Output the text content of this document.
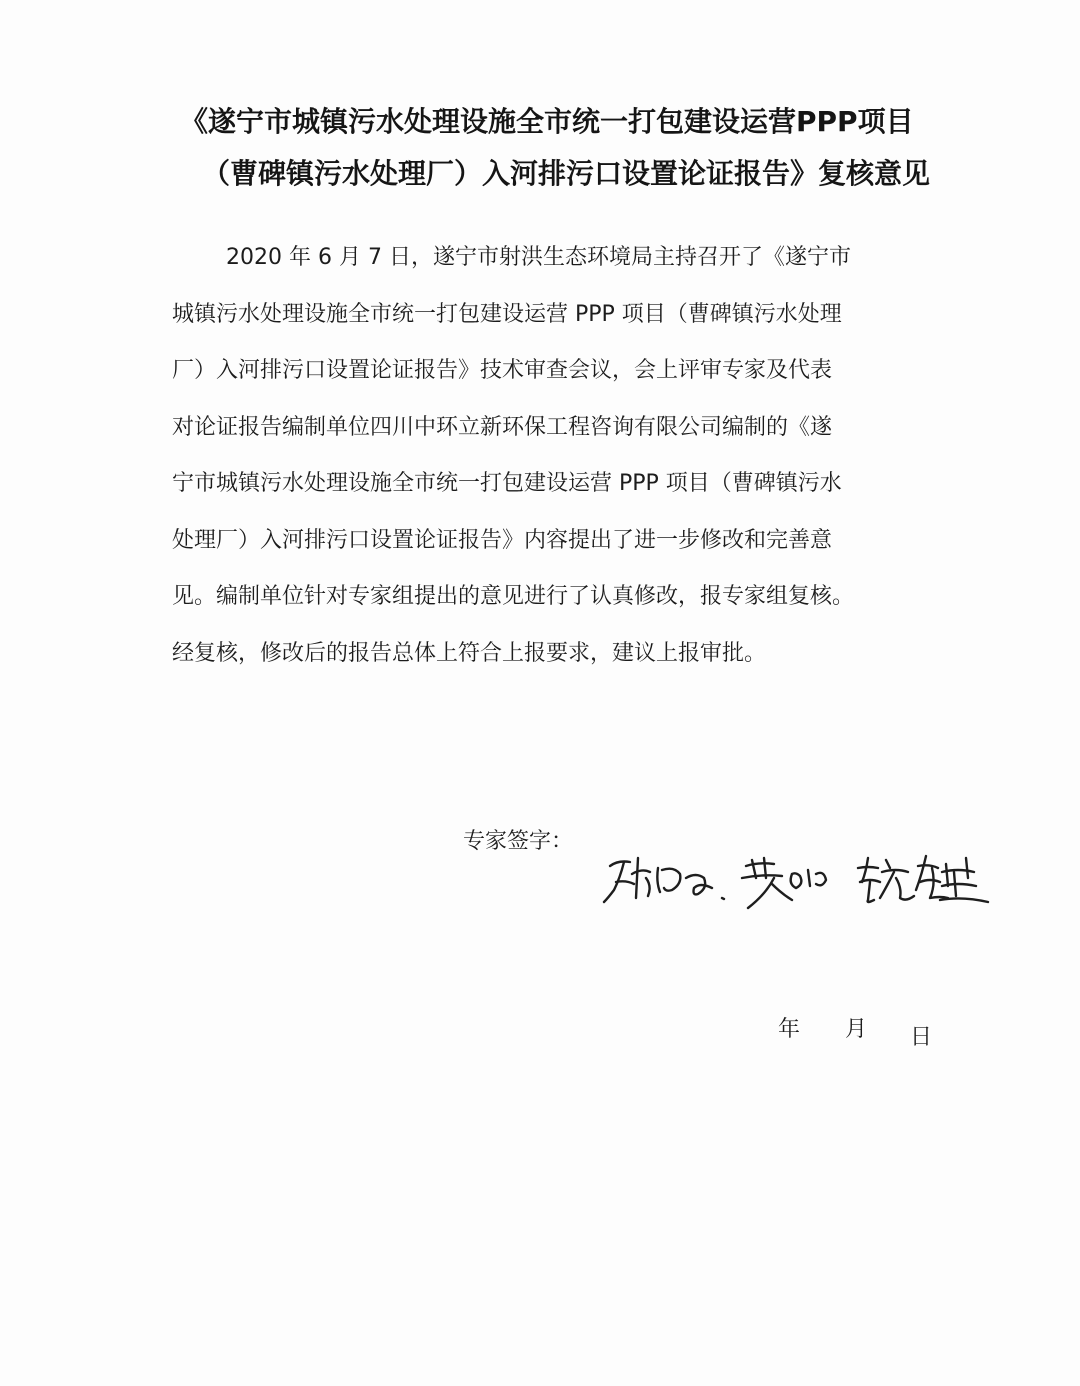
《遂宁市城镇污水处理设施全市统一打包建设运营PPP项目
（曹碑镇污水处理厂）入河排污口设置论证报告》复核意见
2020 年 6 月 7 日，遂宁市射洪生态环境局主持召开了《遂宁市
城镇污水处理设施全市统一打包建设运营 PPP 项目（曹碑镇污水处理
厂）入河排污口设置论证报告》技术审查会议，会上评审专家及代表
对论证报告编制单位四川中环立新环保工程咨询有限公司编制的《遂
宁市城镇污水处理设施全市统一打包建设运营 PPP 项目（曹碑镇污水
处理厂）入河排污口设置论证报告》内容提出了进一步修改和完善意
见。编制单位针对专家组提出的意见进行了认真修改，报专家组复核。
经复核，修改后的报告总体上符合上报要求，建议上报审批。
专家签字：
年 月 日
